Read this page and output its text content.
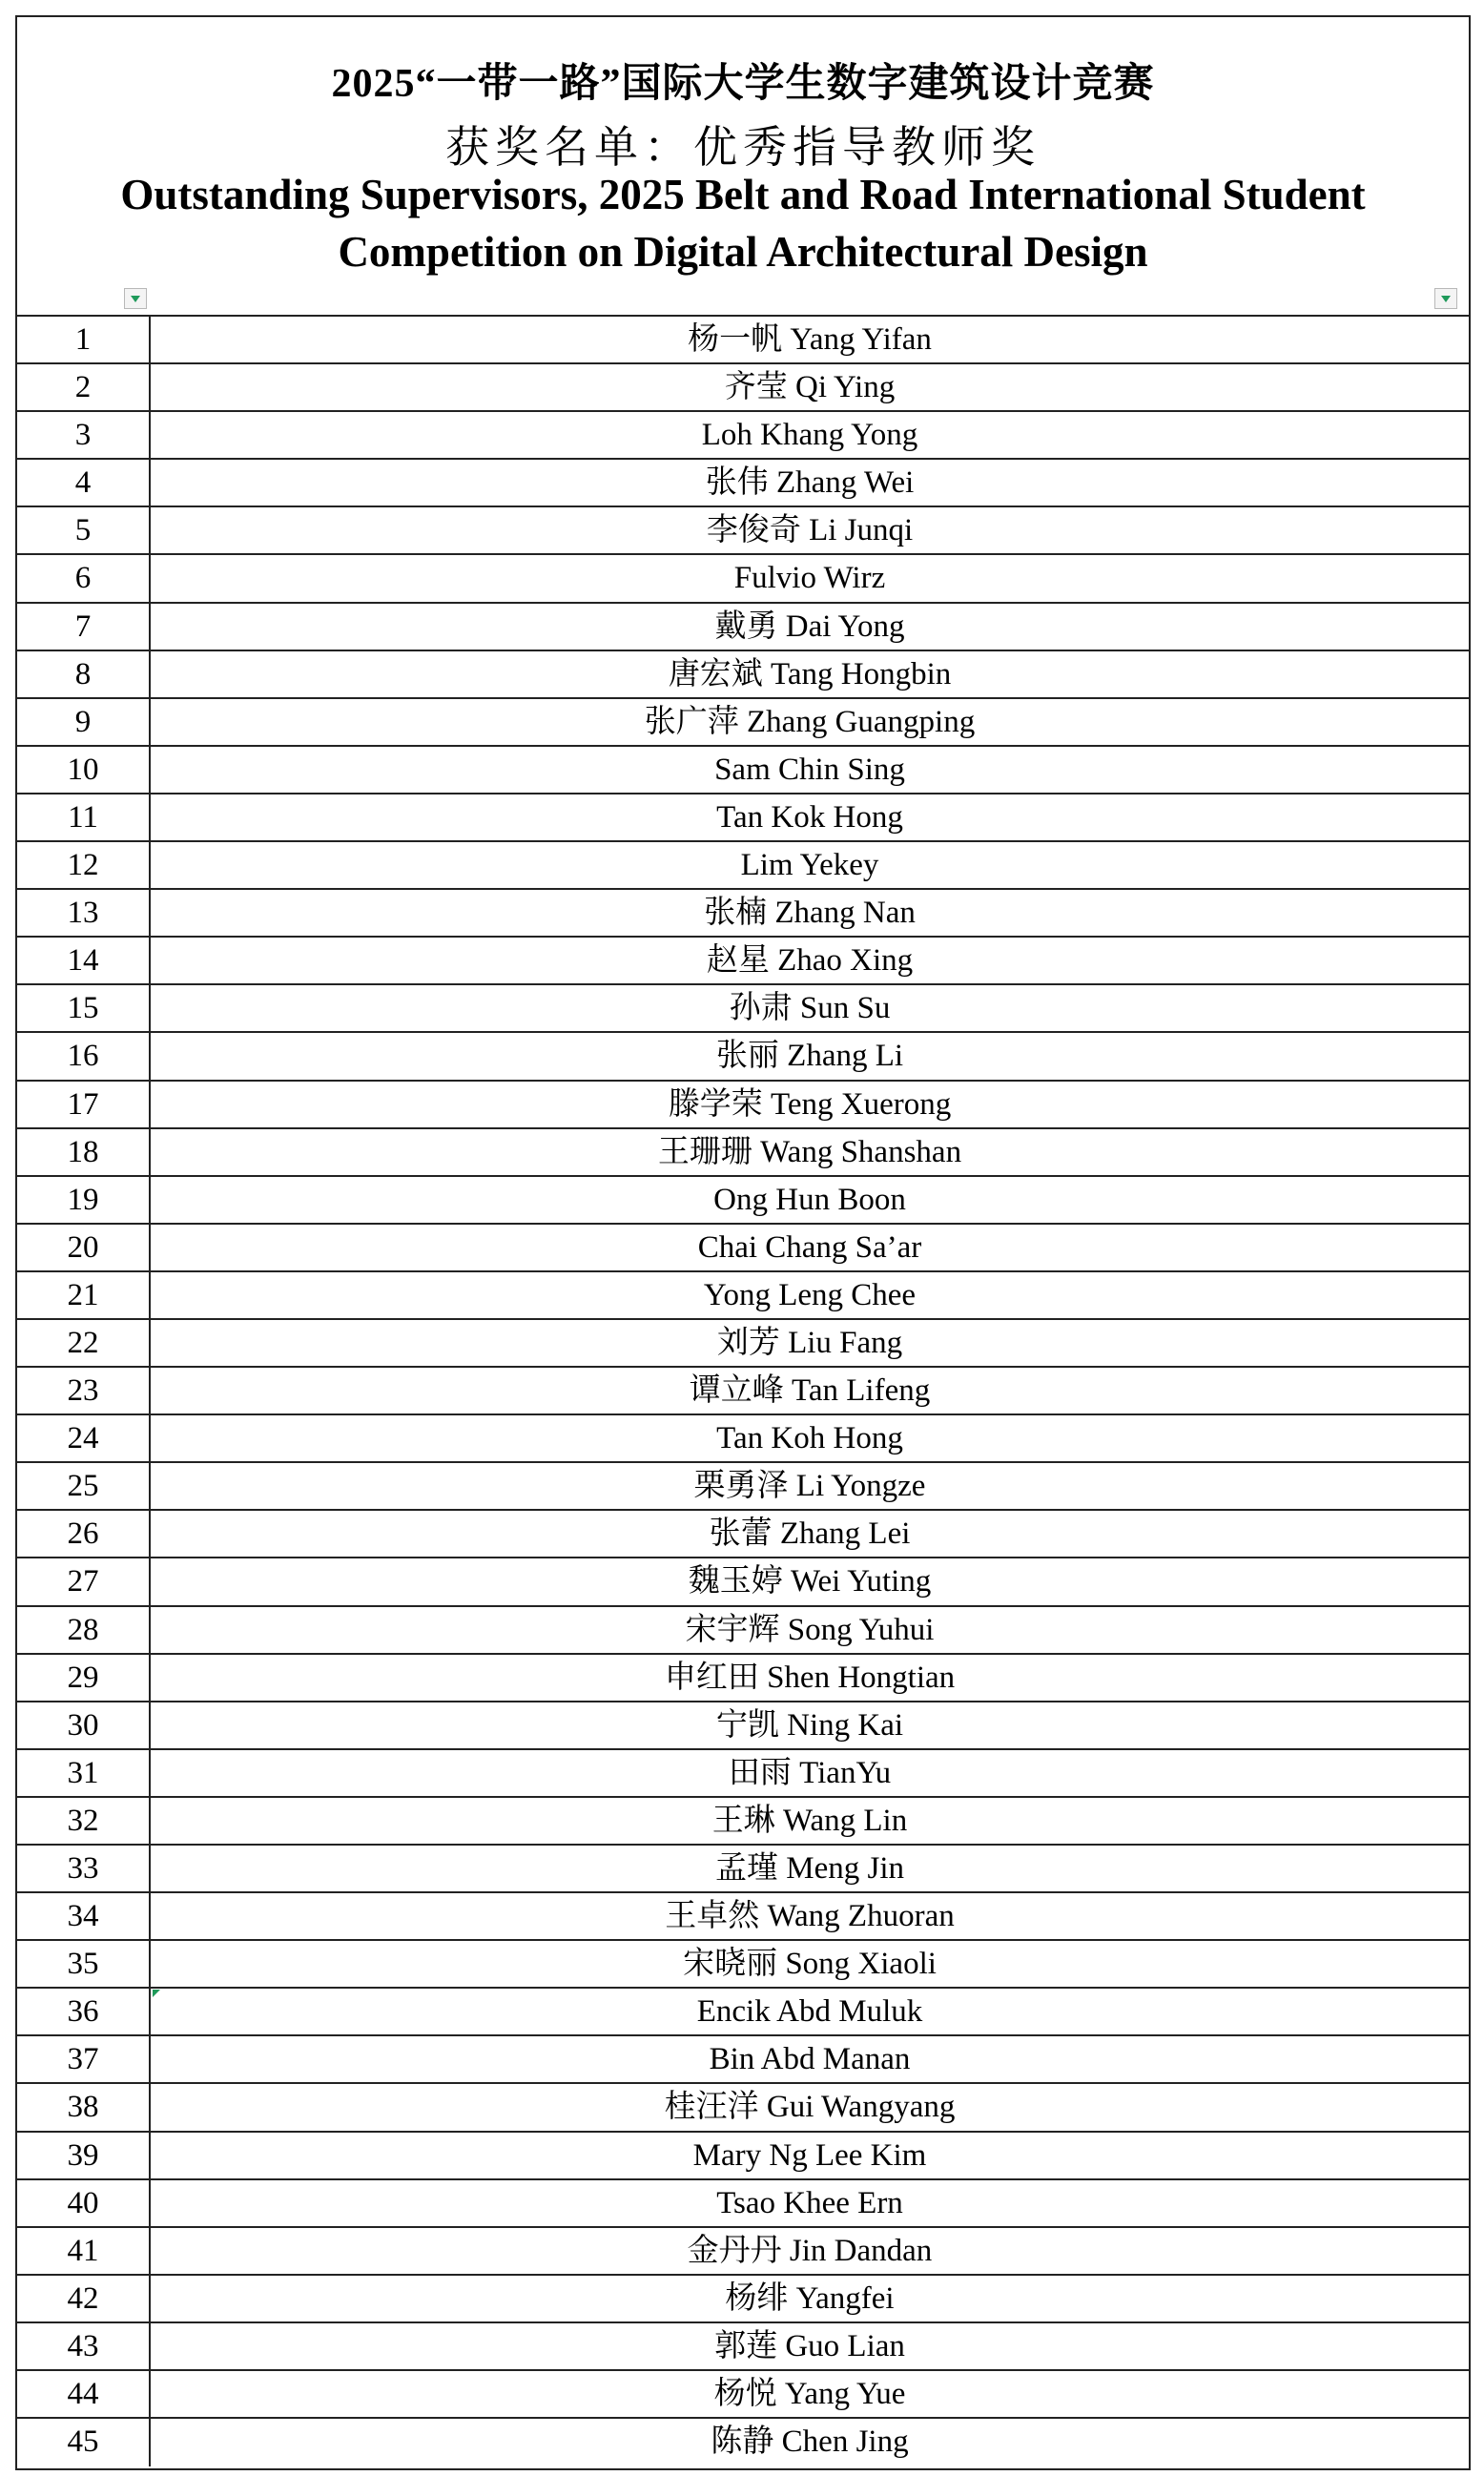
2025“一带一路”国际大学生数字建筑设计竞赛
获奖名单：优秀指导教师奖
Outstanding Supervisors, 2025 Belt and Road International Student
Competition on Digital Architectural Design
1	杨一帆 Yang Yifan
2	齐莹 Qi Ying
3	Loh Khang Yong
4	张伟 Zhang Wei
5	李俊奇 Li Junqi
6	Fulvio Wirz
7	戴勇 Dai Yong
8	唐宏斌 Tang Hongbin
9	张广萍 Zhang Guangping
10	Sam Chin Sing
11	Tan Kok Hong
12	Lim Yekey
13	张楠 Zhang Nan
14	赵星 Zhao Xing
15	孙肃 Sun Su
16	张丽 Zhang Li
17	滕学荣 Teng Xuerong
18	王珊珊 Wang Shanshan
19	Ong Hun Boon
20	Chai Chang Sa’ar
21	Yong Leng Chee
22	刘芳 Liu Fang
23	谭立峰 Tan Lifeng
24	Tan Koh Hong
25	栗勇泽 Li Yongze
26	张蕾 Zhang Lei
27	魏玉婷 Wei Yuting
28	宋宇辉 Song Yuhui
29	申红田 Shen Hongtian
30	宁凯 Ning Kai
31	田雨 TianYu
32	王琳 Wang Lin
33	孟瑾 Meng Jin
34	王卓然 Wang Zhuoran
35	宋晓丽 Song Xiaoli
36	Encik Abd Muluk
37	Bin Abd Manan
38	桂汪洋 Gui Wangyang
39	Mary Ng Lee Kim
40	Tsao Khee Ern
41	金丹丹 Jin Dandan
42	杨绯 Yangfei
43	郭莲 Guo Lian
44	杨悦 Yang Yue
45	陈静 Chen Jing
